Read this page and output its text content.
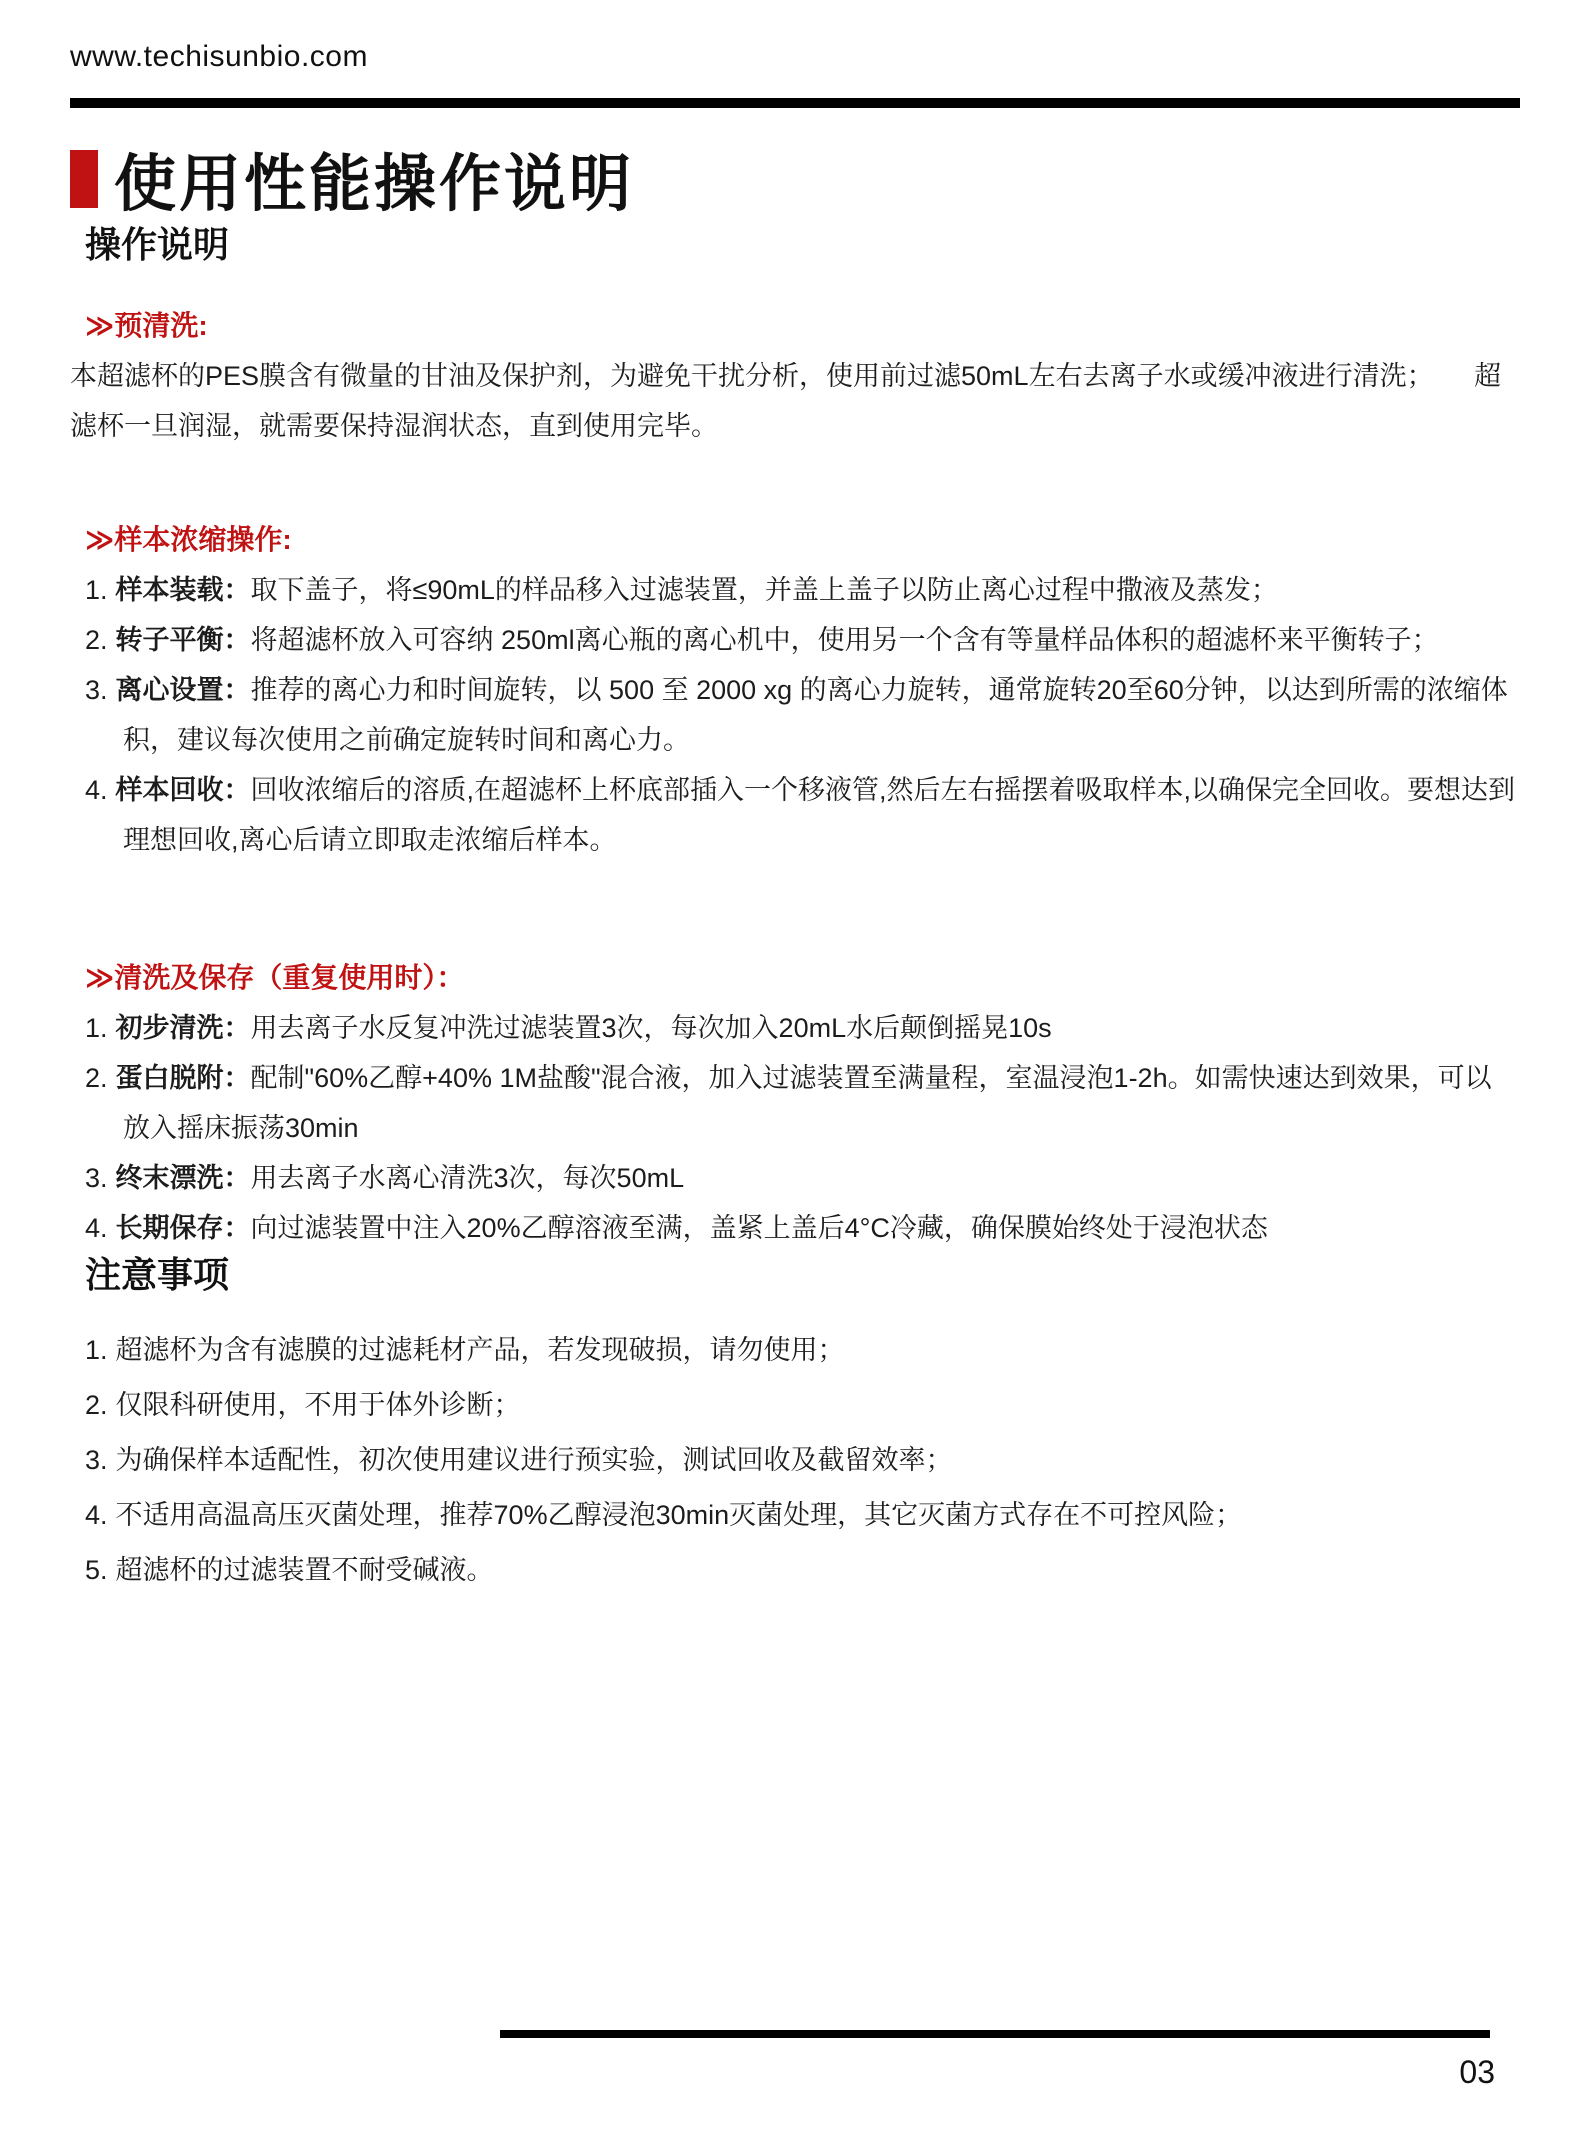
www.techisunbio.com
使用性能操作说明
操作说明
≫预清洗:

本超滤杯的PES膜含有微量的甘油及保护剂，为避免干扰分析，使用前过滤50mL左右去离子水或缓冲液进行清洗；　　超滤杯一旦润湿，就需要保持湿润状态，直到使用完毕。

≫样本浓缩操作:
1. 样本装载：取下盖子，将≤90mL的样品移入过滤装置，并盖上盖子以防止离心过程中撒液及蒸发；
2. 转子平衡：将超滤杯放入可容纳 250ml离心瓶的离心机中，使用另一个含有等量样品体积的超滤杯来平衡转子；
3. 离心设置：推荐的离心力和时间旋转，以 500 至 2000 xg 的离心力旋转，通常旋转20至60分钟，以达到所需的浓缩体积，建议每次使用之前确定旋转时间和离心力。
4. 样本回收：回收浓缩后的溶质,在超滤杯上杯底部插入一个移液管,然后左右摇摆着吸取样本,以确保完全回收。要想达到理想回收,离心后请立即取走浓缩后样本。
≫清洗及保存（重复使用时）：
1. 初步清洗：用去离子水反复冲洗过滤装置3次，每次加入20mL水后颠倒摇晃10s
2. 蛋白脱附：配制"60%乙醇+40% 1M盐酸"混合液，加入过滤装置至满量程，室温浸泡1-2h。如需快速达到效果，可以放入摇床振荡30min
3. 终末漂洗：用去离子水离心清洗3次，每次50mL
4. 长期保存：向过滤装置中注入20%乙醇溶液至满，盖紧上盖后4°C冷藏，确保膜始终处于浸泡状态
注意事项
1. 超滤杯为含有滤膜的过滤耗材产品，若发现破损，请勿使用；
2. 仅限科研使用，不用于体外诊断；
3. 为确保样本适配性，初次使用建议进行预实验，测试回收及截留效率；
4. 不适用高温高压灭菌处理，推荐70%乙醇浸泡30min灭菌处理，其它灭菌方式存在不可控风险；
5. 超滤杯的过滤装置不耐受碱液。
03
